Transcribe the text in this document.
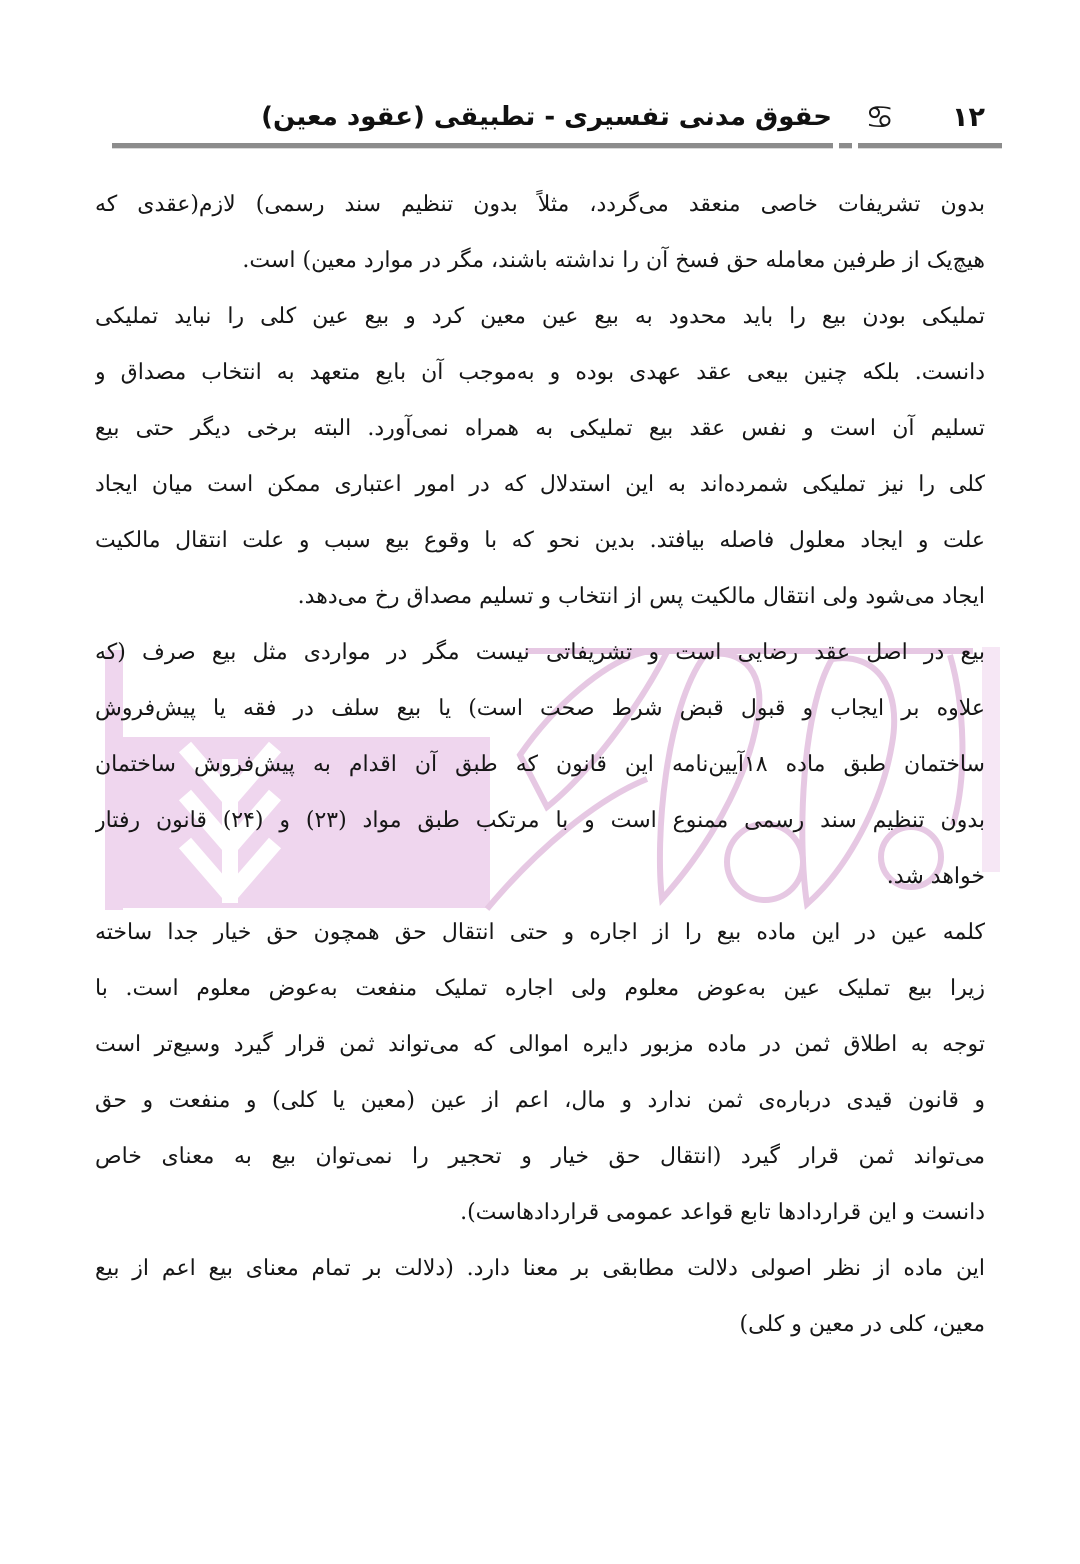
۱۲
♋
حقوق مدنی تفسیری - تطبیقی (عقود معین)
بدون تشریفات خاصی منعقد می‌گردد، مثلاً بدون تنظیم سند رسمی) لازم(عقدی که
هیچ‌یک از طرفین معامله حق فسخ آن را نداشته باشند، مگر در موارد معین) است.
تملیکی بودن بیع را باید محدود به بیع عین معین کرد و بیع عین کلی را نباید تملیکی
دانست. بلکه چنین بیعی عقد عهدی بوده و به‌موجب آن بایع متعهد به انتخاب مصداق و
تسلیم آن است و نفس عقد بیع تملیکی به همراه نمی‌آورد. البته برخی دیگر حتی بیع
کلی را نیز تملیکی شمرده‌اند به این استدلال که در امور اعتباری ممکن است میان ایجاد
علت و ایجاد معلول فاصله بیافتد. بدین نحو که با وقوع بیع سبب و علت انتقال مالکیت
ایجاد می‌شود ولی انتقال مالکیت پس از انتخاب و تسلیم مصداق رخ می‌دهد.
بیع در اصل عقد رضایی است و تشریفاتی نیست مگر در مواردی مثل بیع صرف (که
علاوه بر ایجاب و قبول قبض شرط صحت است) یا بیع سلف در فقه یا پیش‌فروش
ساختمان طبق ماده ۱۸آیین‌نامه این قانون که طبق آن اقدام به پیش‌فروش ساختمان
بدون تنظیم سند رسمی ممنوع است و با مرتکب طبق مواد (۲۳) و (۲۴) قانون رفتار
خواهد شد.
کلمه عین در این ماده بیع را از اجاره و حتی انتقال حق همچون حق خیار جدا ساخته
زیرا بیع تملیک عین به‌عوض معلوم ولی اجاره تملیک منفعت به‌عوض معلوم است. با
توجه به اطلاق ثمن در ماده مزبور دایره اموالی که می‌تواند ثمن قرار گیرد وسیع‌تر است
و قانون قیدی درباره‌ی ثمن ندارد و مال، اعم از عین (معین یا کلی) و منفعت و حق
می‌تواند ثمن قرار گیرد (انتقال حق خیار و تحجیر را نمی‌توان بیع به معنای خاص
دانست و این قراردادها تابع قواعد عمومی قراردادهاست).
این ماده از نظر اصولی دلالت مطابقی بر معنا دارد. (دلالت بر تمام معنای بیع اعم از بیع
معین، کلی در معین و کلی)
